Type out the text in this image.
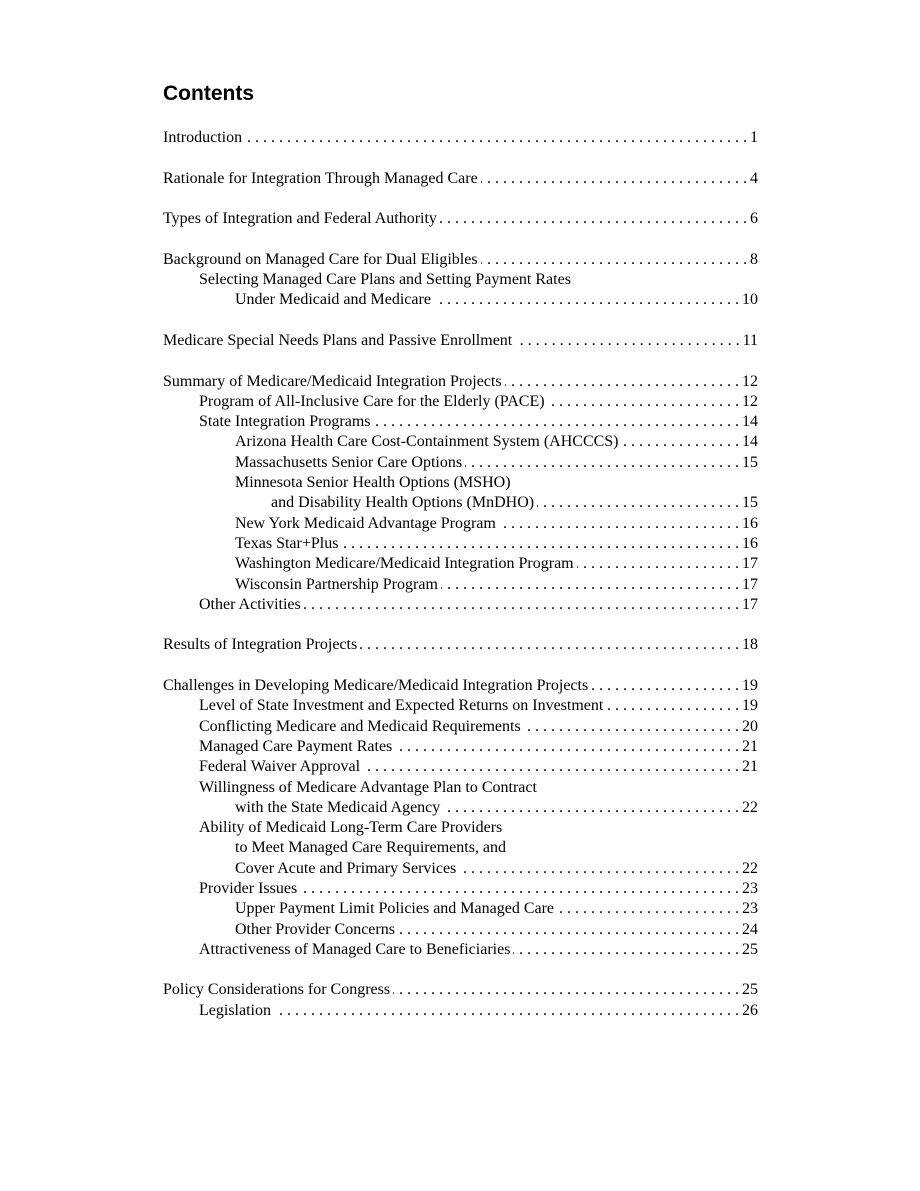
Contents
Introduction . . .	1
Rationale for Integration Through Managed Care . . .	4
Types of Integration and Federal Authority . . .	6
Background on Managed Care for Dual Eligibles . . .	8
Selecting Managed Care Plans and Setting Payment Rates
Under Medicaid and Medicare . . .	10
Medicare Special Needs Plans and Passive Enrollment . . .	11
Summary of Medicare/Medicaid Integration Projects . . .	12
Program of All-Inclusive Care for the Elderly (PACE) . . .	12
State Integration Programs . . .	14
Arizona Health Care Cost-Containment System (AHCCCS) . . .	14
Massachusetts Senior Care Options . . .	15
Minnesota Senior Health Options (MSHO)
and Disability Health Options (MnDHO) . . .	15
New York Medicaid Advantage Program . . .	16
Texas Star+Plus . . .	16
Washington Medicare/Medicaid Integration Program . . .	17
Wisconsin Partnership Program . . .	17
Other Activities . . .	17
Results of Integration Projects . . .	18
Challenges in Developing Medicare/Medicaid Integration Projects . . .	19
Level of State Investment and Expected Returns on Investment . . .	19
Conflicting Medicare and Medicaid Requirements . . .	20
Managed Care Payment Rates . . .	21
Federal Waiver Approval . . .	21
Willingness of Medicare Advantage Plan to Contract
with the State Medicaid Agency . . .	22
Ability of Medicaid Long-Term Care Providers
to Meet Managed Care Requirements, and
Cover Acute and Primary Services . . .	22
Provider Issues . . .	23
Upper Payment Limit Policies and Managed Care . . .	23
Other Provider Concerns . . .	24
Attractiveness of Managed Care to Beneficiaries . . .	25
Policy Considerations for Congress . . .	25
Legislation . . .	26
